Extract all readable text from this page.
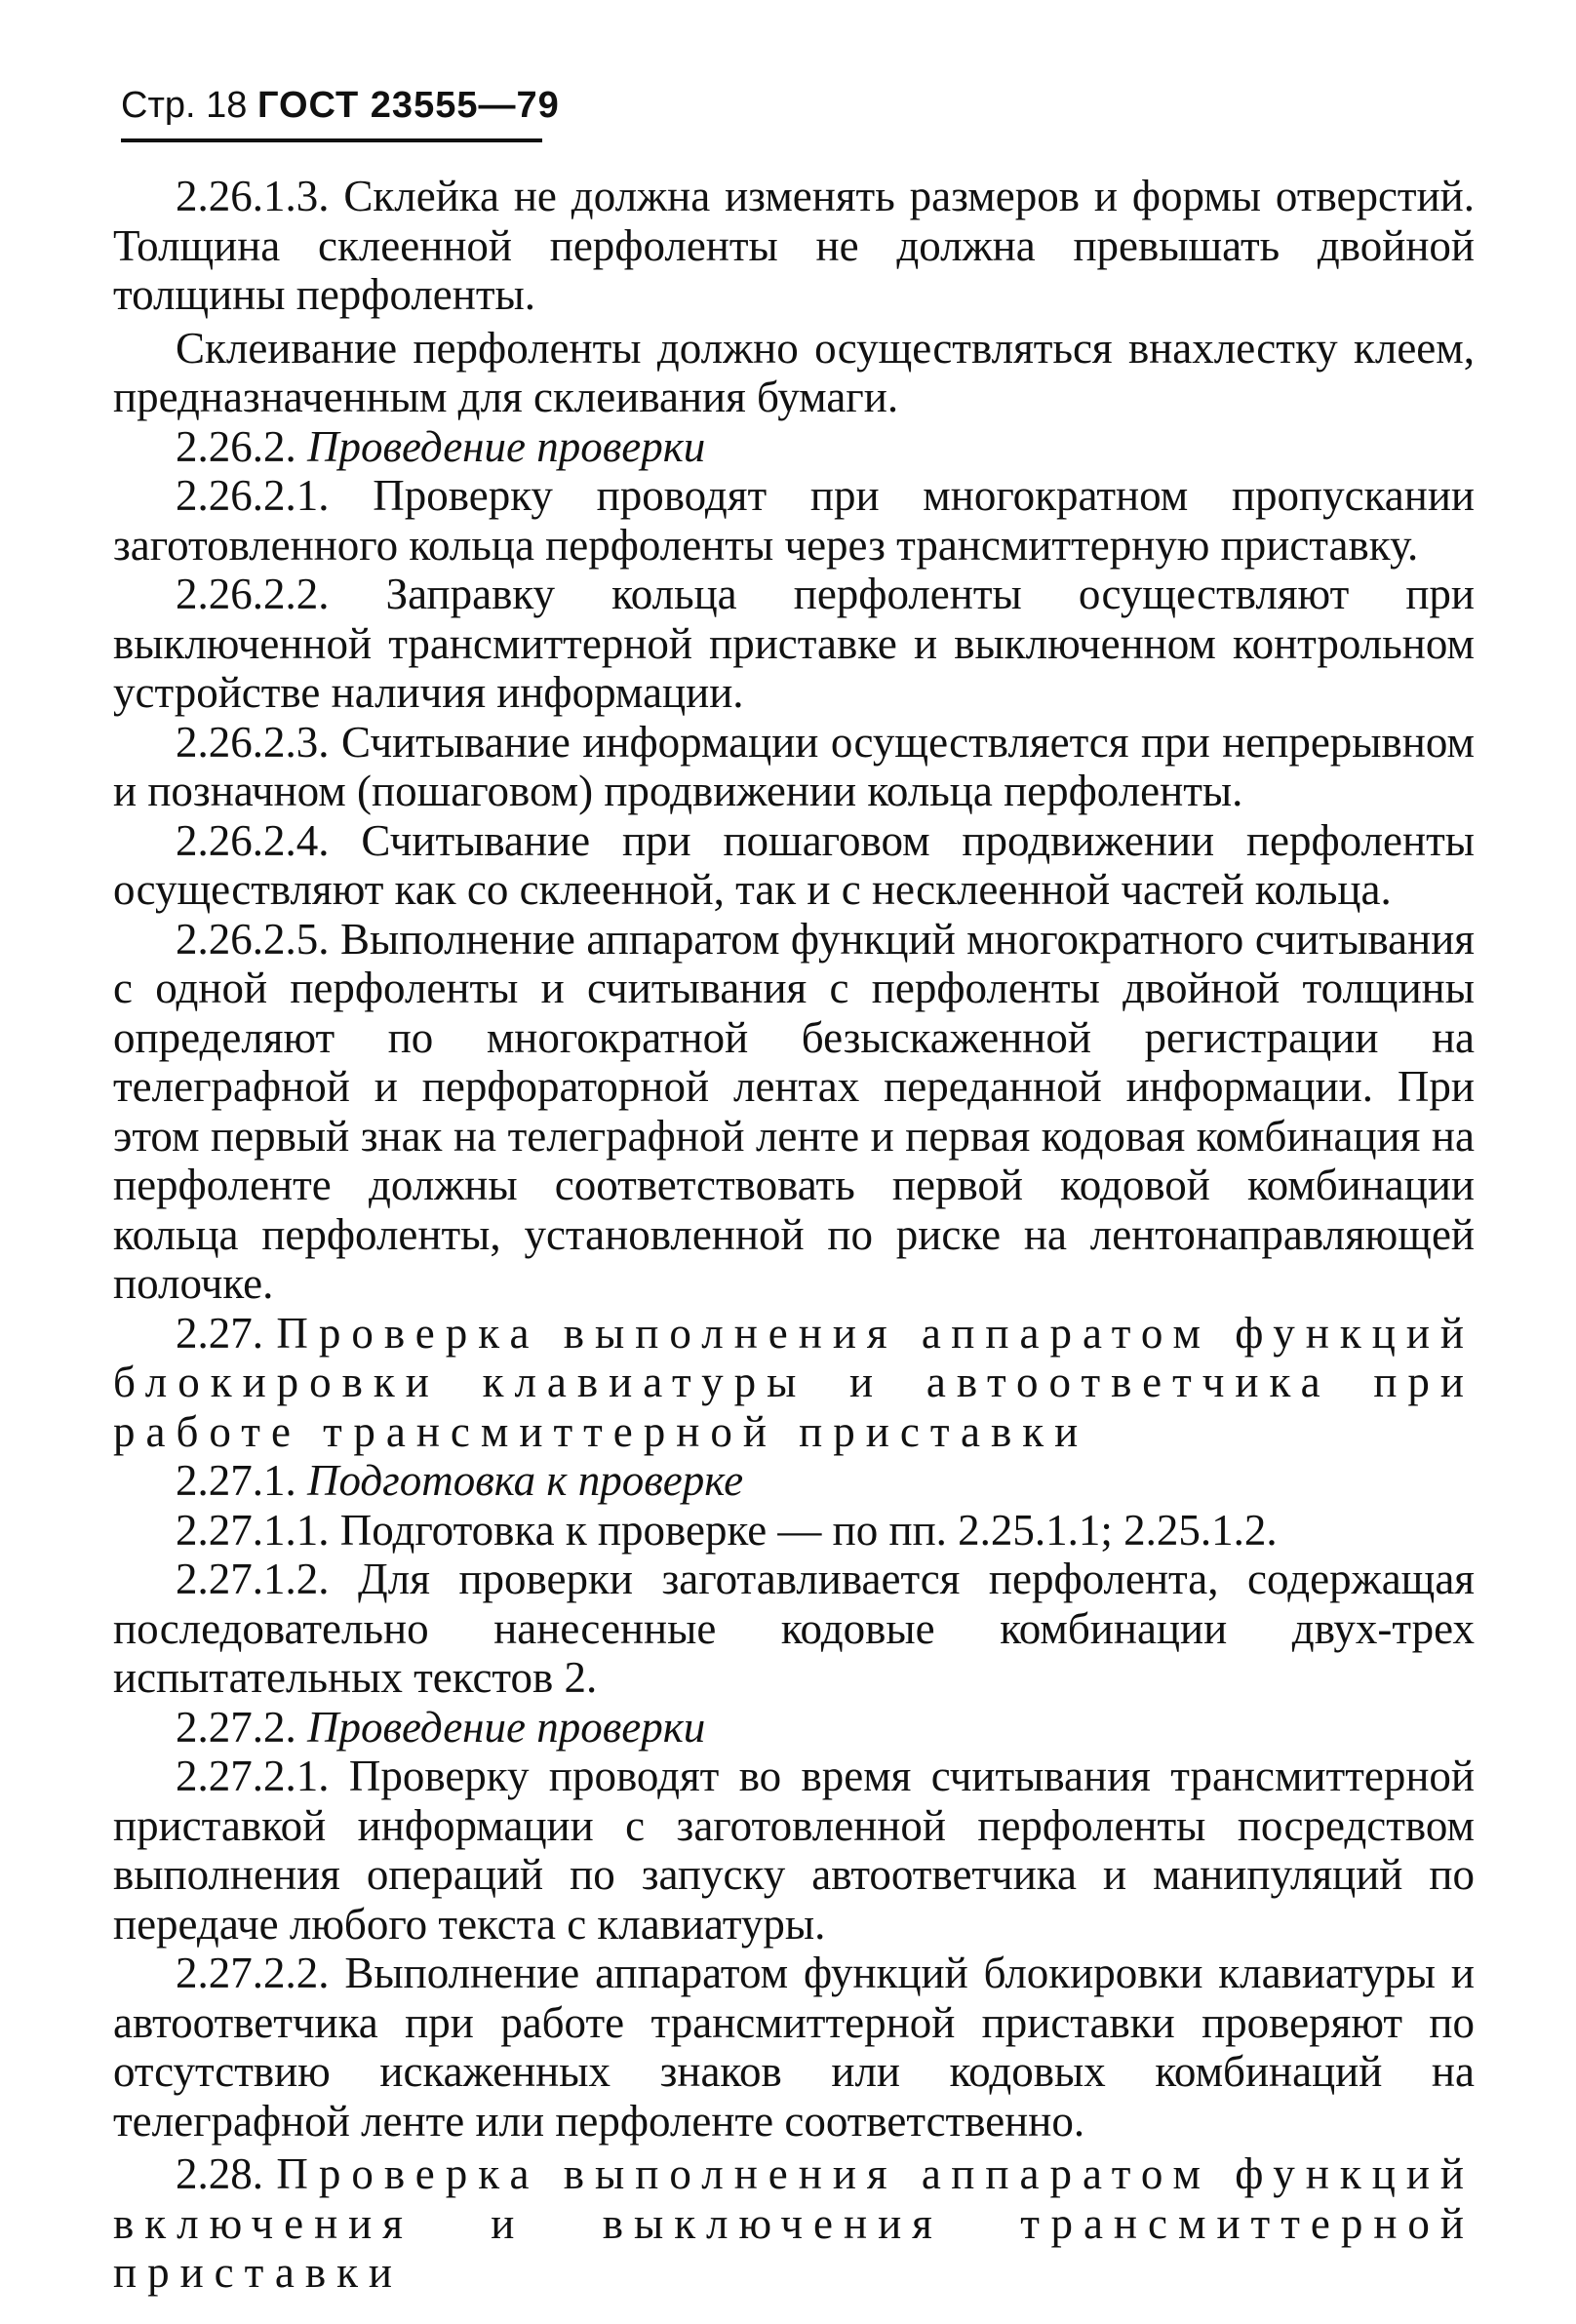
Стр. 18 ГОСТ 23555—79

2.26.1.3. Склейка не должна изменять размеров и формы отверстий. Толщина склеенной перфоленты не должна превышать двойной толщины перфоленты.

Склеивание перфоленты должно осуществляться внахлестку клеем, предназначенным для склеивания бумаги.

2.26.2. Проведение проверки

2.26.2.1. Проверку проводят при многократном пропускании заготовленного кольца перфоленты через трансмиттерную приставку.

2.26.2.2. Заправку кольца перфоленты осуществляют при выключенной трансмиттерной приставке и выключенном контрольном устройстве наличия информации.

2.26.2.3. Считывание информации осуществляется при непрерывном и позначном (пошаговом) продвижении кольца перфоленты.

2.26.2.4. Считывание при пошаговом продвижении перфоленты осуществляют как со склеенной, так и с несклеенной частей кольца.

2.26.2.5. Выполнение аппаратом функций многократного считывания с одной перфоленты и считывания с перфоленты двойной толщины определяют по многократной безыскаженной регистрации на телеграфной и перфораторной лентах переданной информации. При этом первый знак на телеграфной ленте и первая кодовая комбинация на перфоленте должны соответствовать первой кодовой комбинации кольца перфоленты, установленной по риске на лентонаправляющей полочке.

2.27. Проверка выполнения аппаратом функций блокировки клавиатуры и автоответчика при работе трансмиттерной приставки

2.27.1. Подготовка к проверке

2.27.1.1. Подготовка к проверке — по пп. 2.25.1.1; 2.25.1.2.

2.27.1.2. Для проверки заготавливается перфолента, содержащая последовательно нанесенные кодовые комбинации двух-трех испытательных текстов 2.

2.27.2. Проведение проверки

2.27.2.1. Проверку проводят во время считывания трансмиттерной приставкой информации с заготовленной перфоленты посредством выполнения операций по запуску автоответчика и манипуляций по передаче любого текста с клавиатуры.

2.27.2.2. Выполнение аппаратом функций блокировки клавиатуры и автоответчика при работе трансмиттерной приставки проверяют по отсутствию искаженных знаков или кодовых комбинаций на телеграфной ленте или перфоленте соответственно.

2.28. Проверка выполнения аппаратом функций включения и выключения трансмиттерной приставки
